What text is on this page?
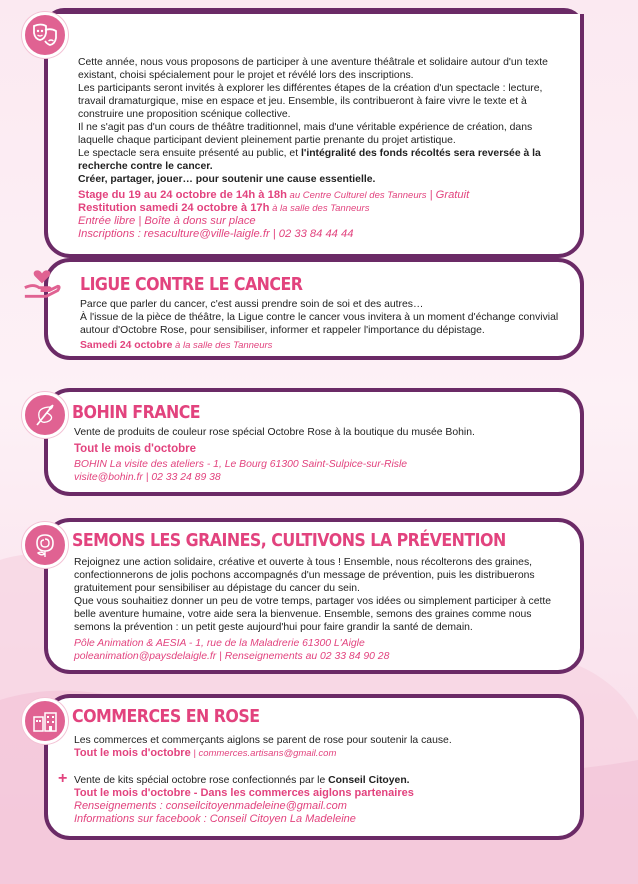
Cette année, nous vous proposons de participer à une aventure théâtrale et solidaire autour d'un texte existant, choisi spécialement pour le projet et révélé lors des inscriptions.

Les participants seront invités à explorer les différentes étapes de la création d'un spectacle : lecture, travail dramaturgique, mise en espace et jeu. Ensemble, ils contribueront à faire vivre le texte et à construire une proposition scénique collective.

Il ne s'agit pas d'un cours de théâtre traditionnel, mais d'une véritable expérience de création, dans laquelle chaque participant devient pleinement partie prenante du projet artistique.

Le spectacle sera ensuite présenté au public, et l'intégralité des fonds récoltés sera reversée à la recherche contre le cancer.

Créer, partager, jouer… pour soutenir une cause essentielle.

Stage du 19 au 24 octobre de 14h à 18h au Centre Culturel des Tanneurs | Gratuit

Restitution samedi 24 octobre à 17h à la salle des Tanneurs

Entrée libre | Boîte à dons sur place

Inscriptions : resaculture@ville-laigle.fr | 02 33 84 44 44

LIGUE CONTRE LE CANCER

Parce que parler du cancer, c'est aussi prendre soin de soi et des autres…

À l'issue de la pièce de théâtre, la Ligue contre le cancer vous invitera à un moment d'échange convivial autour d'Octobre Rose, pour sensibiliser, informer et rappeler l'importance du dépistage.

Samedi 24 octobre à la salle des Tanneurs

BOHIN FRANCE

Vente de produits de couleur rose spécial Octobre Rose à la boutique du musée Bohin.

Tout le mois d'octobre

BOHIN La visite des ateliers - 1, Le Bourg 61300 Saint-Sulpice-sur-Risle

visite@bohin.fr | 02 33 24 89 38

SEMONS LES GRAINES, CULTIVONS LA PRÉVENTION

Rejoignez une action solidaire, créative et ouverte à tous ! Ensemble, nous récolterons des graines, confectionnerons de jolis pochons accompagnés d'un message de prévention, puis les distribuerons gratuitement pour sensibiliser au dépistage du cancer du sein.

Que vous souhaitiez donner un peu de votre temps, partager vos idées ou simplement participer à cette belle aventure humaine, votre aide sera la bienvenue. Ensemble, semons des graines comme nous semons la prévention : un petit geste aujourd'hui pour faire grandir la santé de demain.

Pôle Animation & AESIA - 1, rue de la Maladrerie 61300 L'Aigle

poleanimation@paysdelaigle.fr | Renseignements au 02 33 84 90 28

COMMERCES EN ROSE

Les commerces et commerçants aiglons se parent de rose pour soutenir la cause.

Tout le mois d'octobre | commerces.artisans@gmail.com

Vente de kits spécial octobre rose confectionnés par le Conseil Citoyen.

Tout le mois d'octobre - Dans les commerces aiglons partenaires

Renseignements : conseilcitoyenmadeleine@gmail.com

Informations sur facebook : Conseil Citoyen La Madeleine

+
